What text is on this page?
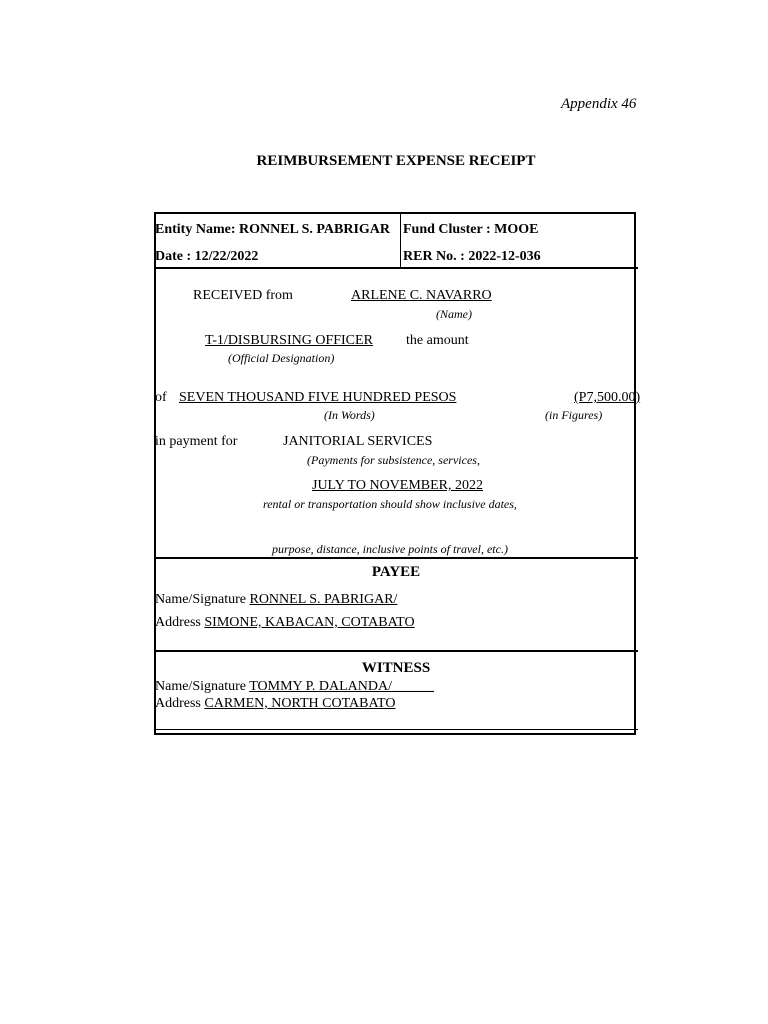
Appendix 46
REIMBURSEMENT EXPENSE RECEIPT
Entity Name: RONNEL S. PABRIGAR Fund Cluster : MOOE
Date : 12/22/2022	RER No. : 2022-12-036
RECEIVED from	ARLENE C. NAVARRO
(Name)
T-1/DISBURSING OFFICER the amount
(Official Designation)
of SEVEN THOUSAND FIVE HUNDRED PESOS	(P7,500.00)
(In Words)	(in Figures)
in payment for	JANITORIAL SERVICES
(Payments for subsistence, services,
JULY TO NOVEMBER, 2022
rental or transportation should show inclusive dates,
purpose, distance, inclusive points of travel, etc.)
PAYEE
Name/Signature RONNEL S. PABRIGAR/
Address SIMONE, KABACAN, COTABATO
WITNESS
Name/Signature TOMMY P. DALANDA/______
Address CARMEN, NORTH COTABATO
